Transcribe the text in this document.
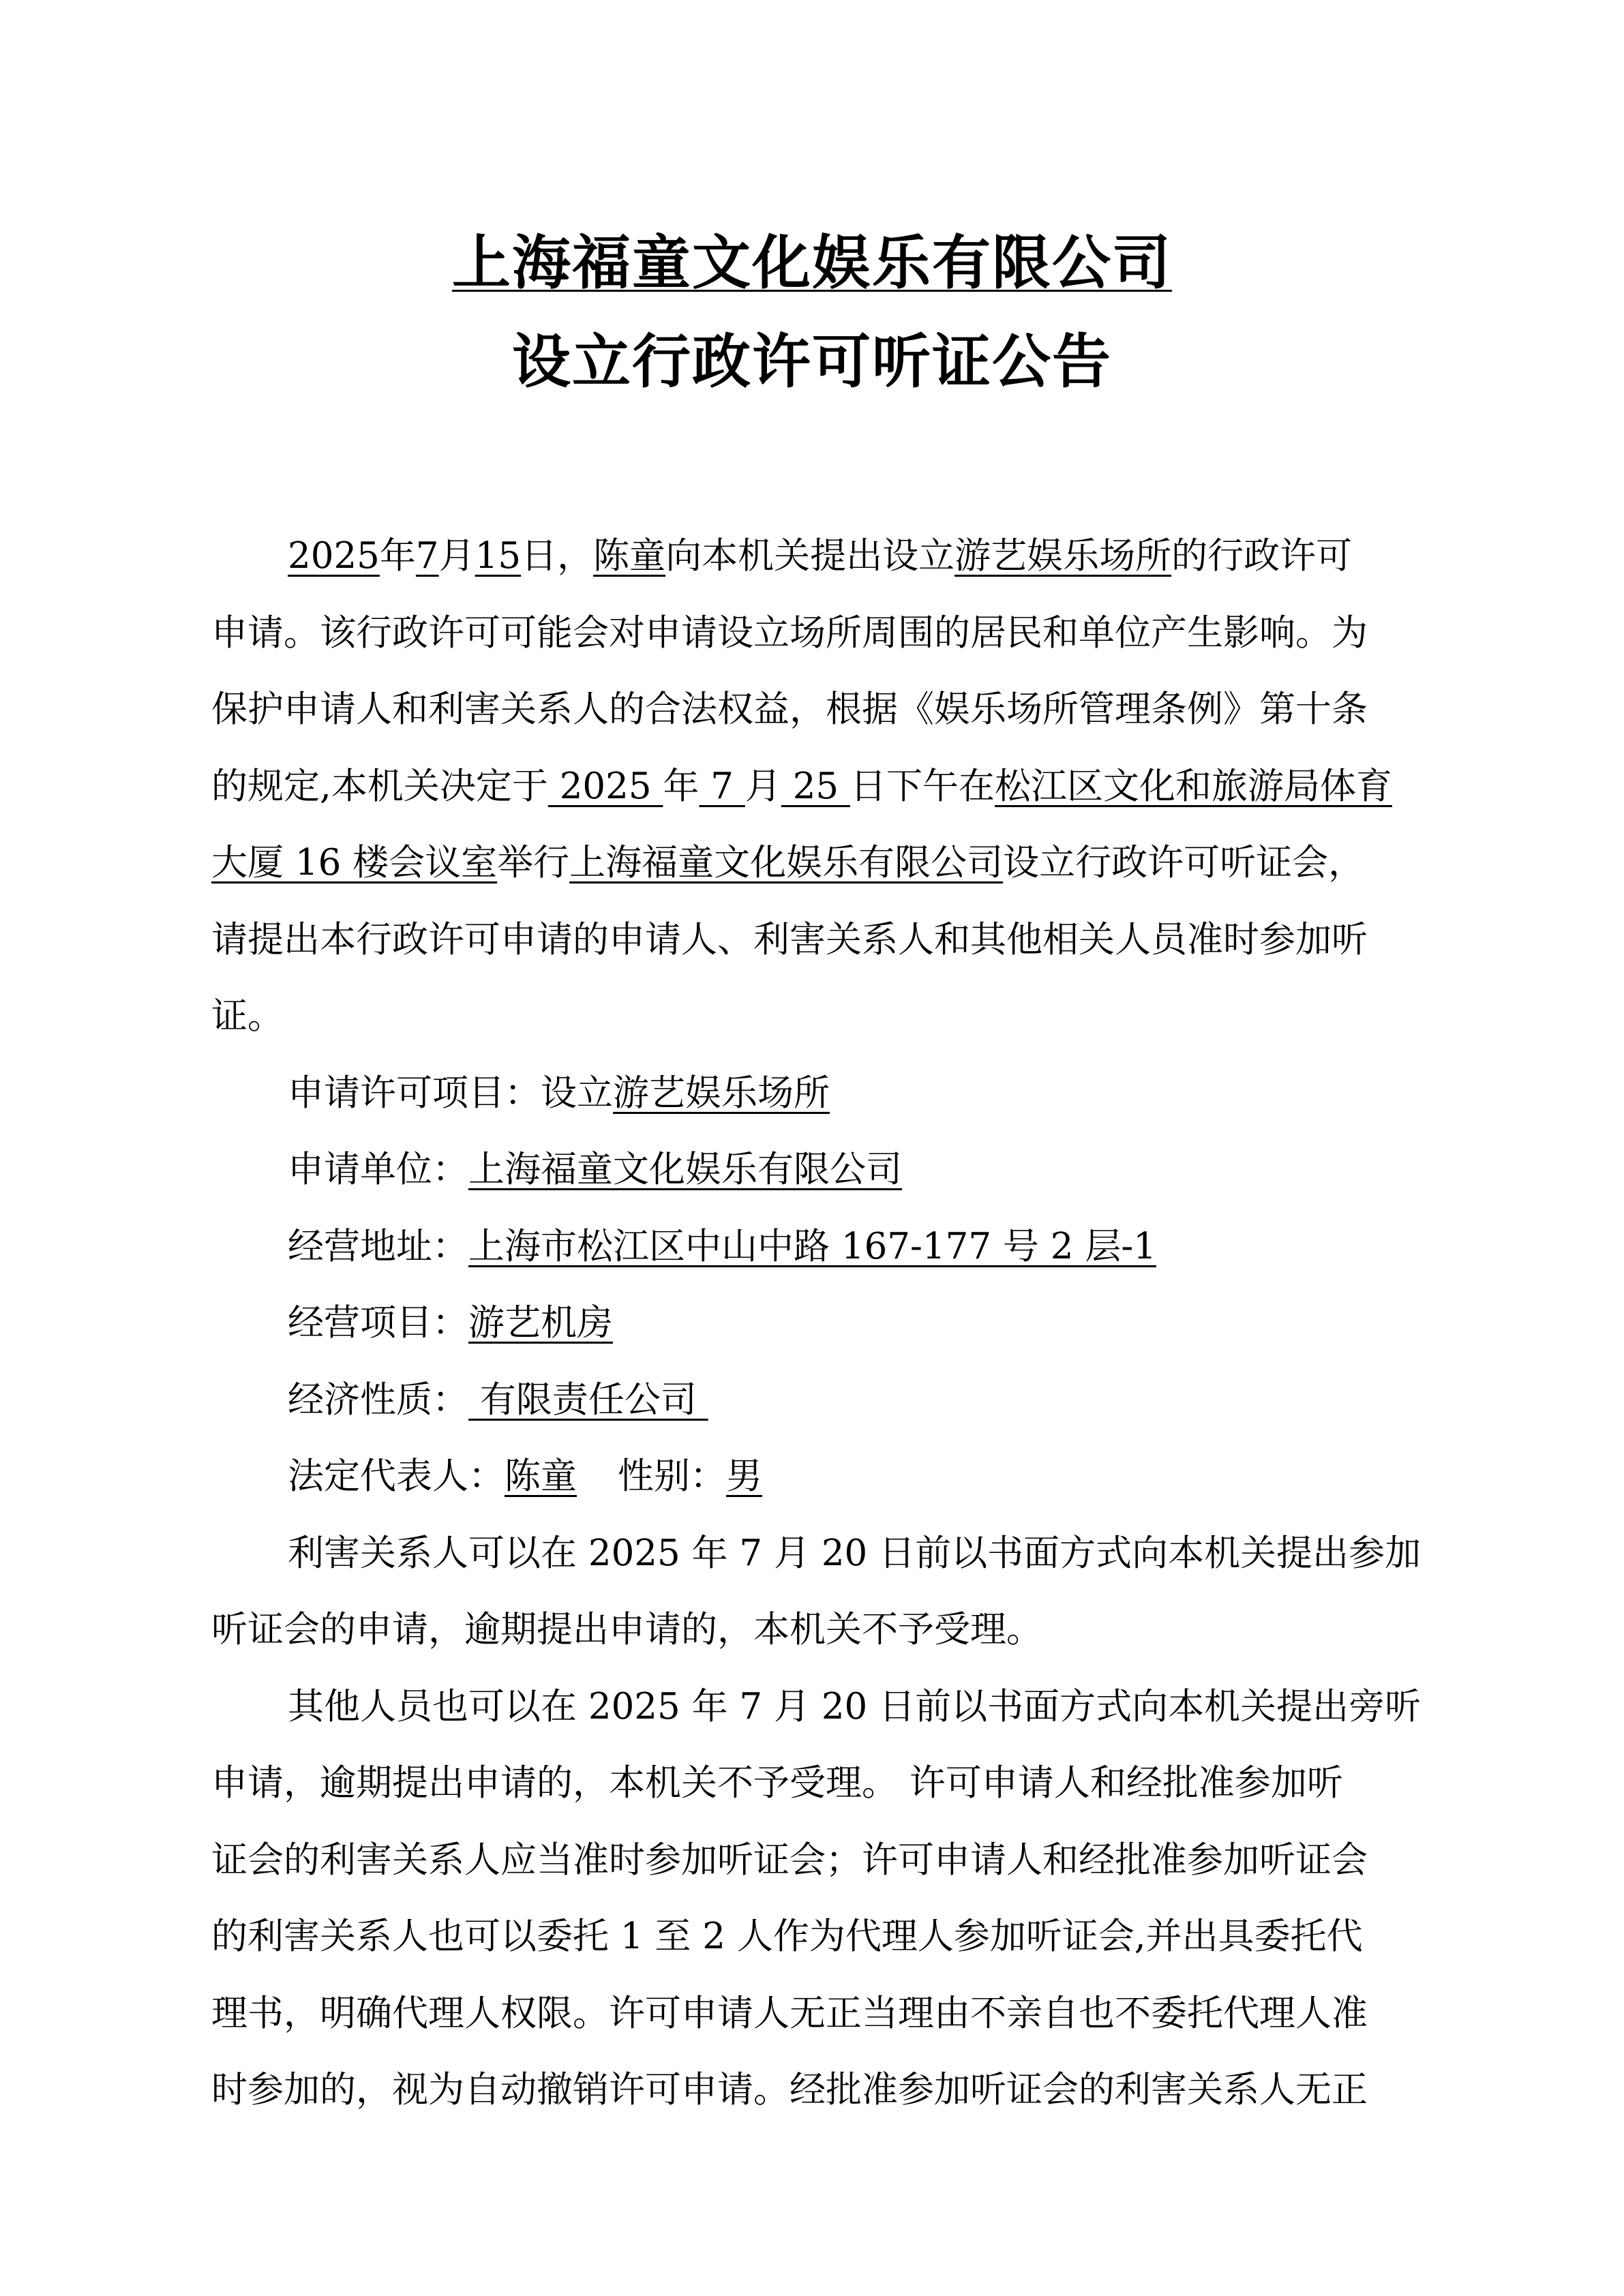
上海福童文化娱乐有限公司
设立行政许可听证公告
2025年7月15日，陈童向本机关提出设立游艺娱乐场所的行政许可
申请。该行政许可可能会对申请设立场所周围的居民和单位产生影响。为
保护申请人和利害关系人的合法权益，根据《娱乐场所管理条例》第十条
的规定,本机关决定于 2025 年 7 月 25 日下午在松江区文化和旅游局体育
大厦 16 楼会议室举行上海福童文化娱乐有限公司设立行政许可听证会，
请提出本行政许可申请的申请人、利害关系人和其他相关人员准时参加听
证。
申请许可项目：设立 游艺娱乐场所
申请单位： 上海福童文化娱乐有限公司
经营地址： 上海市松江区中山中路 167-177 号 2 层-1
经营项目： 游艺机房
经济性质： 有限责任公司
法定代表人： 陈童 性别： 男
利害关系人可以在 2025 年 7 月 20 日前以书面方式向本机关提出参加
听证会的申请，逾期提出申请的，本机关不予受理。
其他人员也可以在 2025 年 7 月 20 日前以书面方式向本机关提出旁听
申请，逾期提出申请的，本机关不予受理。 许可申请人和经批准参加听
证会的利害关系人应当准时参加听证会；许可申请人和经批准参加听证会
的利害关系人也可以委托 1 至 2 人作为代理人参加听证会,并出具委托代
理书，明确代理人权限。许可申请人无正当理由不亲自也不委托代理人准
时参加的，视为自动撤销许可申请。经批准参加听证会的利害关系人无正
